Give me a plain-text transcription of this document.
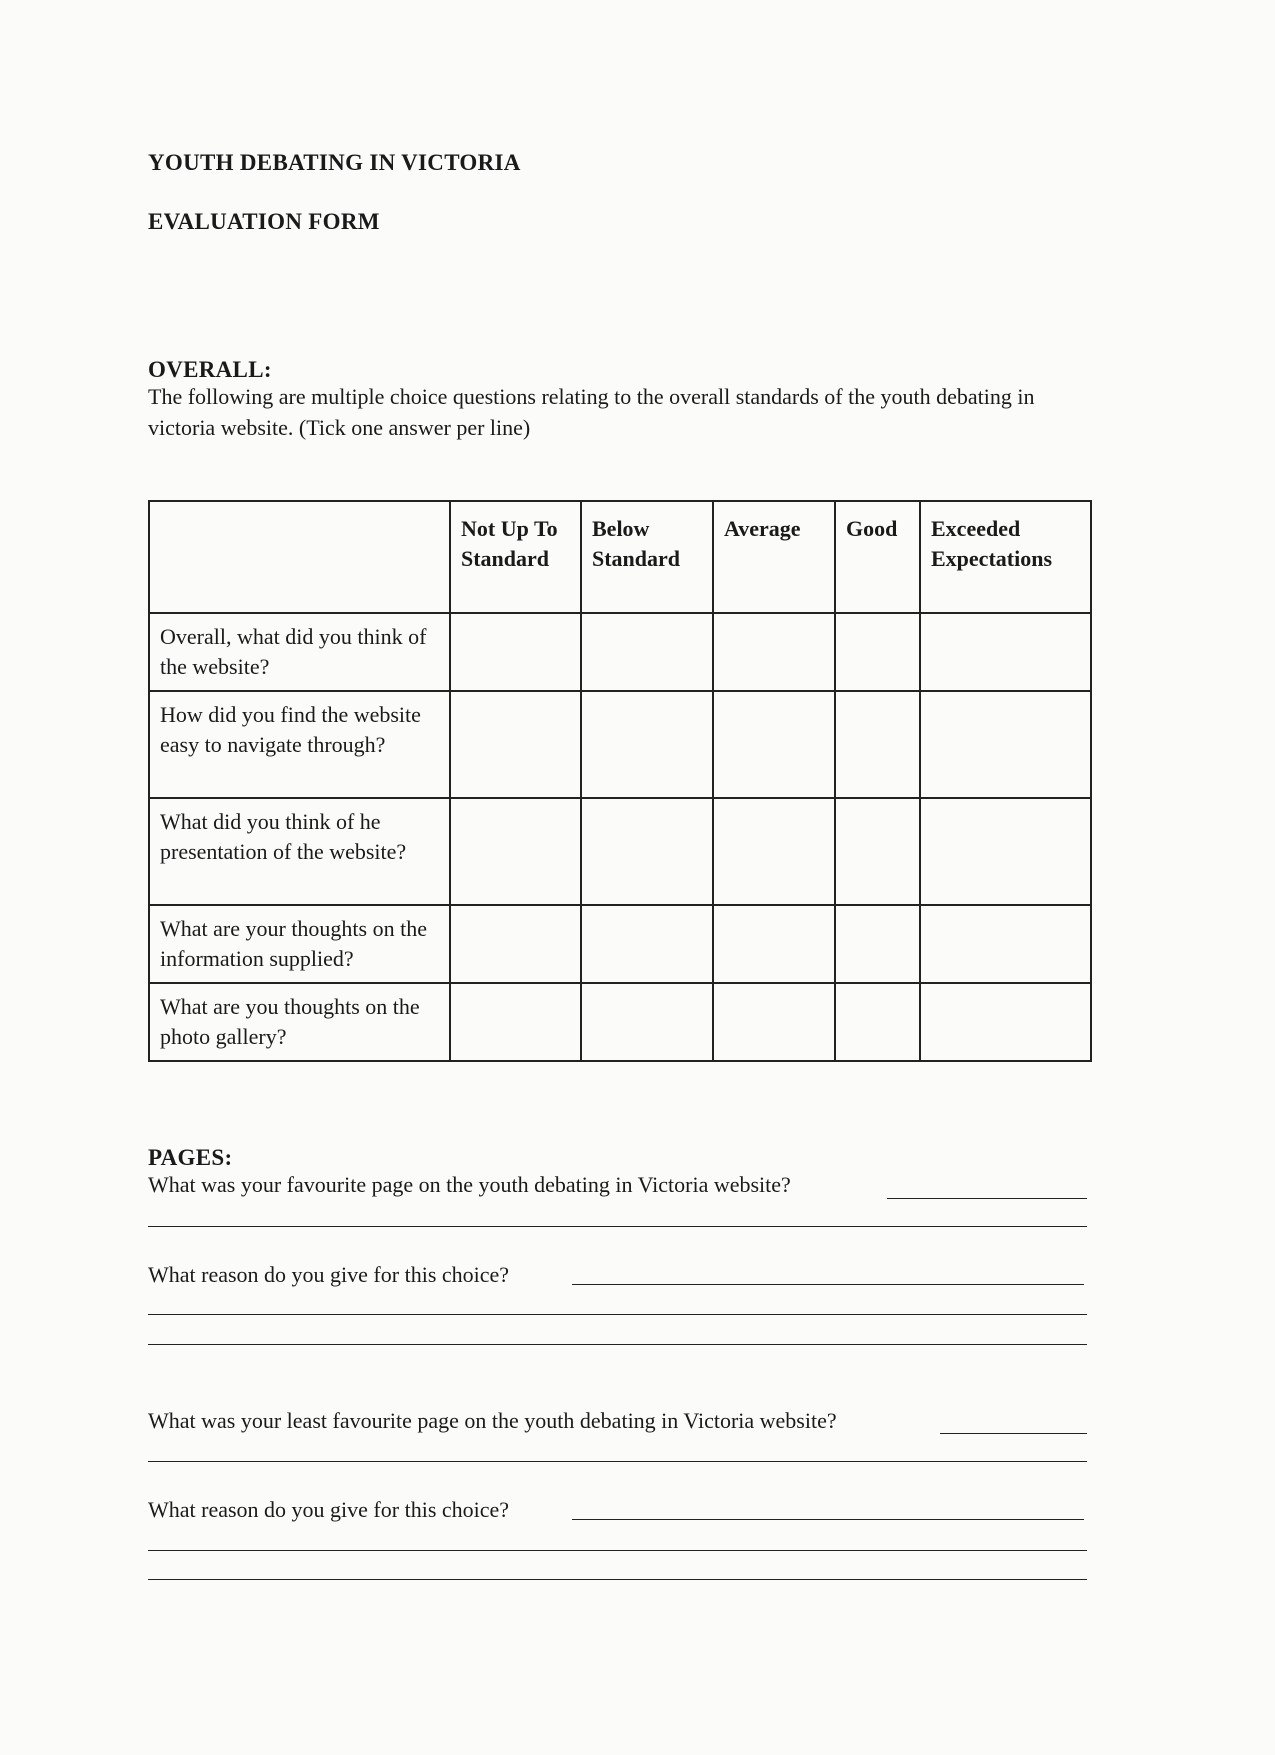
YOUTH DEBATING IN VICTORIA
EVALUATION FORM
OVERALL:
The following are multiple choice questions relating to the overall standards of the youth debating in victoria website. (Tick one answer per line)
	Not Up To Standard	Below Standard	Average	Good	Exceeded Expectations
Overall, what did you think of the website?					
How did you find the website easy to navigate through?					
What did you think of he presentation of the website?					
What are your thoughts on the information supplied?					
What are you thoughts on the photo gallery?					
PAGES:
What was your favourite page on the youth debating in Victoria website?
What reason do you give for this choice?
What was your least favourite page on the youth debating in Victoria website?
What reason do you give for this choice?
